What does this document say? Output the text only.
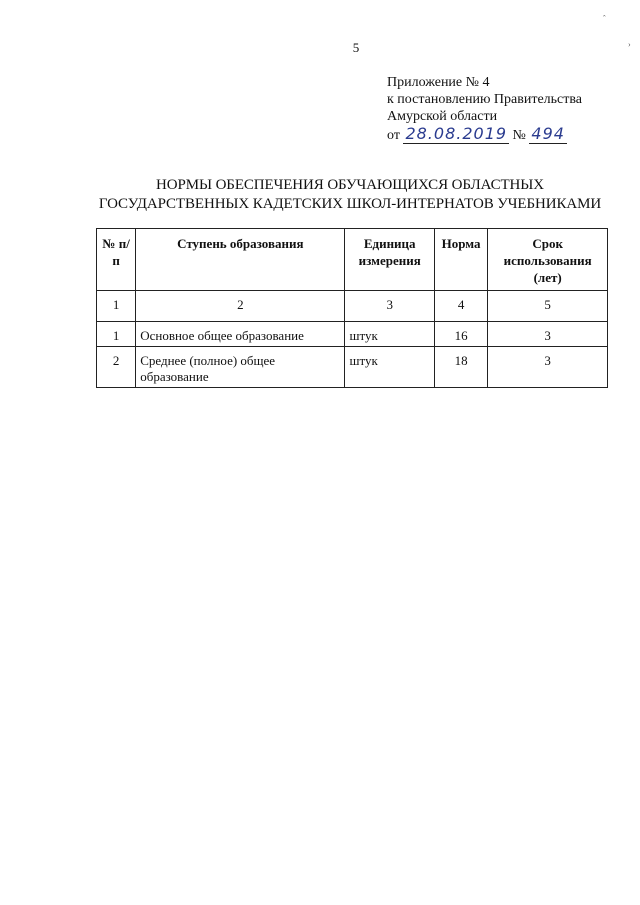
ˆ
›
5
Приложение № 4
к постановлению Правительства
Амурской области
от 28.08.2019 № 494
НОРМЫ ОБЕСПЕЧЕНИЯ ОБУЧАЮЩИХСЯ ОБЛАСТНЫХ
ГОСУДАРСТВЕННЫХ КАДЕТСКИХ ШКОЛ-ИНТЕРНАТОВ УЧЕБНИКАМИ
№ п/п	Ступень образования	Единица измерения	Норма	Срок использования (лет)
1	2	3	4	5
1	Основное общее образование	штук	16	3
2	Среднее (полное) общее образование	штук	18	3
